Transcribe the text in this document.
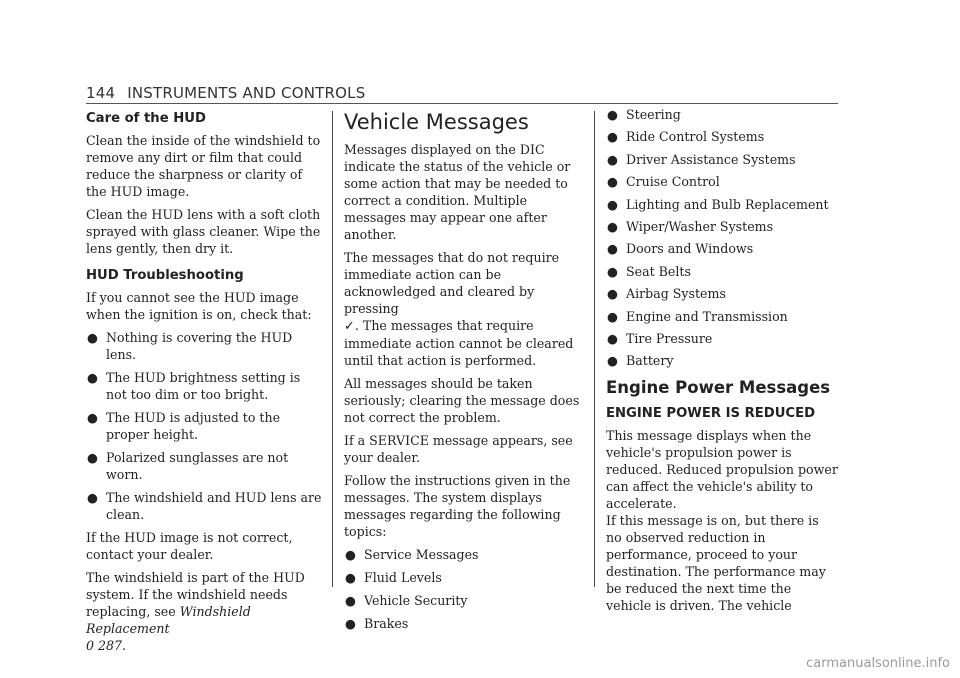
144 INSTRUMENTS AND CONTROLS
Care of the HUD

Clean the inside of the windshield to remove any dirt or film that could reduce the sharpness or clarity of the HUD image.

Clean the HUD lens with a soft cloth sprayed with glass cleaner. Wipe the lens gently, then dry it.

HUD Troubleshooting

If you cannot see the HUD image when the ignition is on, check that:

● Nothing is covering the HUD lens.
● The HUD brightness setting is not too dim or too bright.
● The HUD is adjusted to the proper height.
● Polarized sunglasses are not worn.
● The windshield and HUD lens are clean.

If the HUD image is not correct, contact your dealer.

The windshield is part of the HUD system. If the windshield needs replacing, see Windshield Replacement
0 287.

Vehicle Messages

Messages displayed on the DIC indicate the status of the vehicle or some action that may be needed to correct a condition. Multiple messages may appear one after another.

The messages that do not require immediate action can be acknowledged and cleared by pressing
✓. The messages that require immediate action cannot be cleared until that action is performed.

All messages should be taken seriously; clearing the message does not correct the problem.

If a SERVICE message appears, see your dealer.

Follow the instructions given in the messages. The system displays messages regarding the following topics:

● Service Messages
● Fluid Levels
● Vehicle Security
● Brakes
● Steering
● Ride Control Systems
● Driver Assistance Systems
● Cruise Control
● Lighting and Bulb Replacement
● Wiper/Washer Systems
● Doors and Windows
● Seat Belts
● Airbag Systems
● Engine and Transmission
● Tire Pressure
● Battery
Engine Power Messages
ENGINE POWER IS REDUCED

This message displays when the vehicle's propulsion power is reduced. Reduced propulsion power can affect the vehicle's ability to accelerate.

If this message is on, but there is no observed reduction in performance, proceed to your destination. The performance may be reduced the next time the vehicle is driven. The vehicle

carmanualsonline.info
